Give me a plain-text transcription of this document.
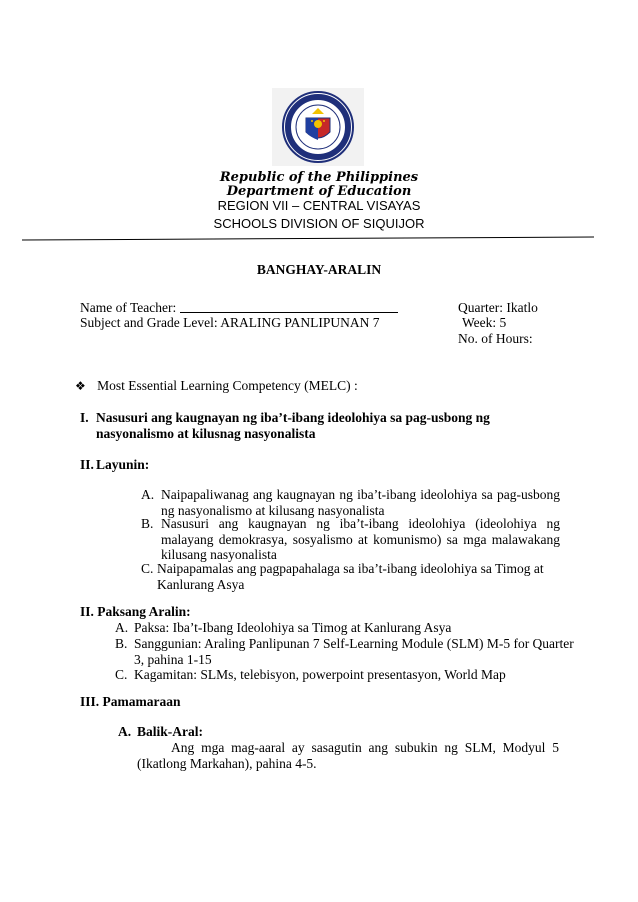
Republic of the Philippines
Department of Education
REGION VII – CENTRAL VISAYAS
SCHOOLS DIVISION OF SIQUIJOR
BANGHAY-ARALIN
Name of Teacher:
Subject and Grade Level: ARALING PANLIPUNAN 7
Quarter: Ikatlo
Week: 5
No. of Hours:
❖ Most Essential Learning Competency (MELC) :
I. Nasusuri ang kaugnayan ng iba’t-ibang ideolohiya sa pag-usbong ng nasyonalismo at kilusnag nasyonalista
II. Layunin:
A. Naipapaliwanag ang kaugnayan ng iba’t-ibang ideolohiya sa pag-usbong ng nasyonalismo at kilusang nasyonalista
B. Nasusuri ang kaugnayan ng iba’t-ibang ideolohiya (ideolohiya ng malayang demokrasya, sosyalismo at komunismo) sa mga malawakang kilusang nasyonalista
C. Naipapamalas ang pagpapahalaga sa iba’t-ibang ideolohiya sa Timog at Kanlurang Asya
II. Paksang Aralin:
A. Paksa: Iba’t-Ibang Ideolohiya sa Timog at Kanlurang Asya
B. Sanggunian: Araling Panlipunan 7 Self-Learning Module (SLM) M-5 for Quarter 3, pahina 1-15
C. Kagamitan: SLMs, telebisyon, powerpoint presentasyon, World Map
III. Pamamaraan
A. Balik-Aral:
Ang mga mag-aaral ay sasagutin ang subukin ng SLM, Modyul 5 (Ikatlong Markahan), pahina 4-5.
